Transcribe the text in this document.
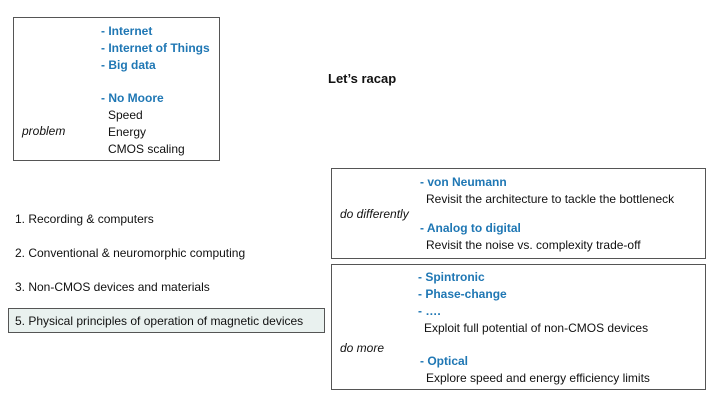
- Internet
- Internet of Things
- Big data
- No Moore
Speed
Energy
CMOS scaling
problem
Let’s racap
1. Recording & computers
2. Conventional & neuromorphic computing
3. Non-CMOS devices and materials
5. Physical principles of operation of magnetic devices
- von Neumann
Revisit the architecture to tackle the bottleneck
do differently
- Analog to digital
Revisit the noise vs. complexity trade-off
- Spintronic
- Phase-change
- ….
Exploit full potential of non-CMOS devices
do more
- Optical
Explore speed and energy efficiency limits
